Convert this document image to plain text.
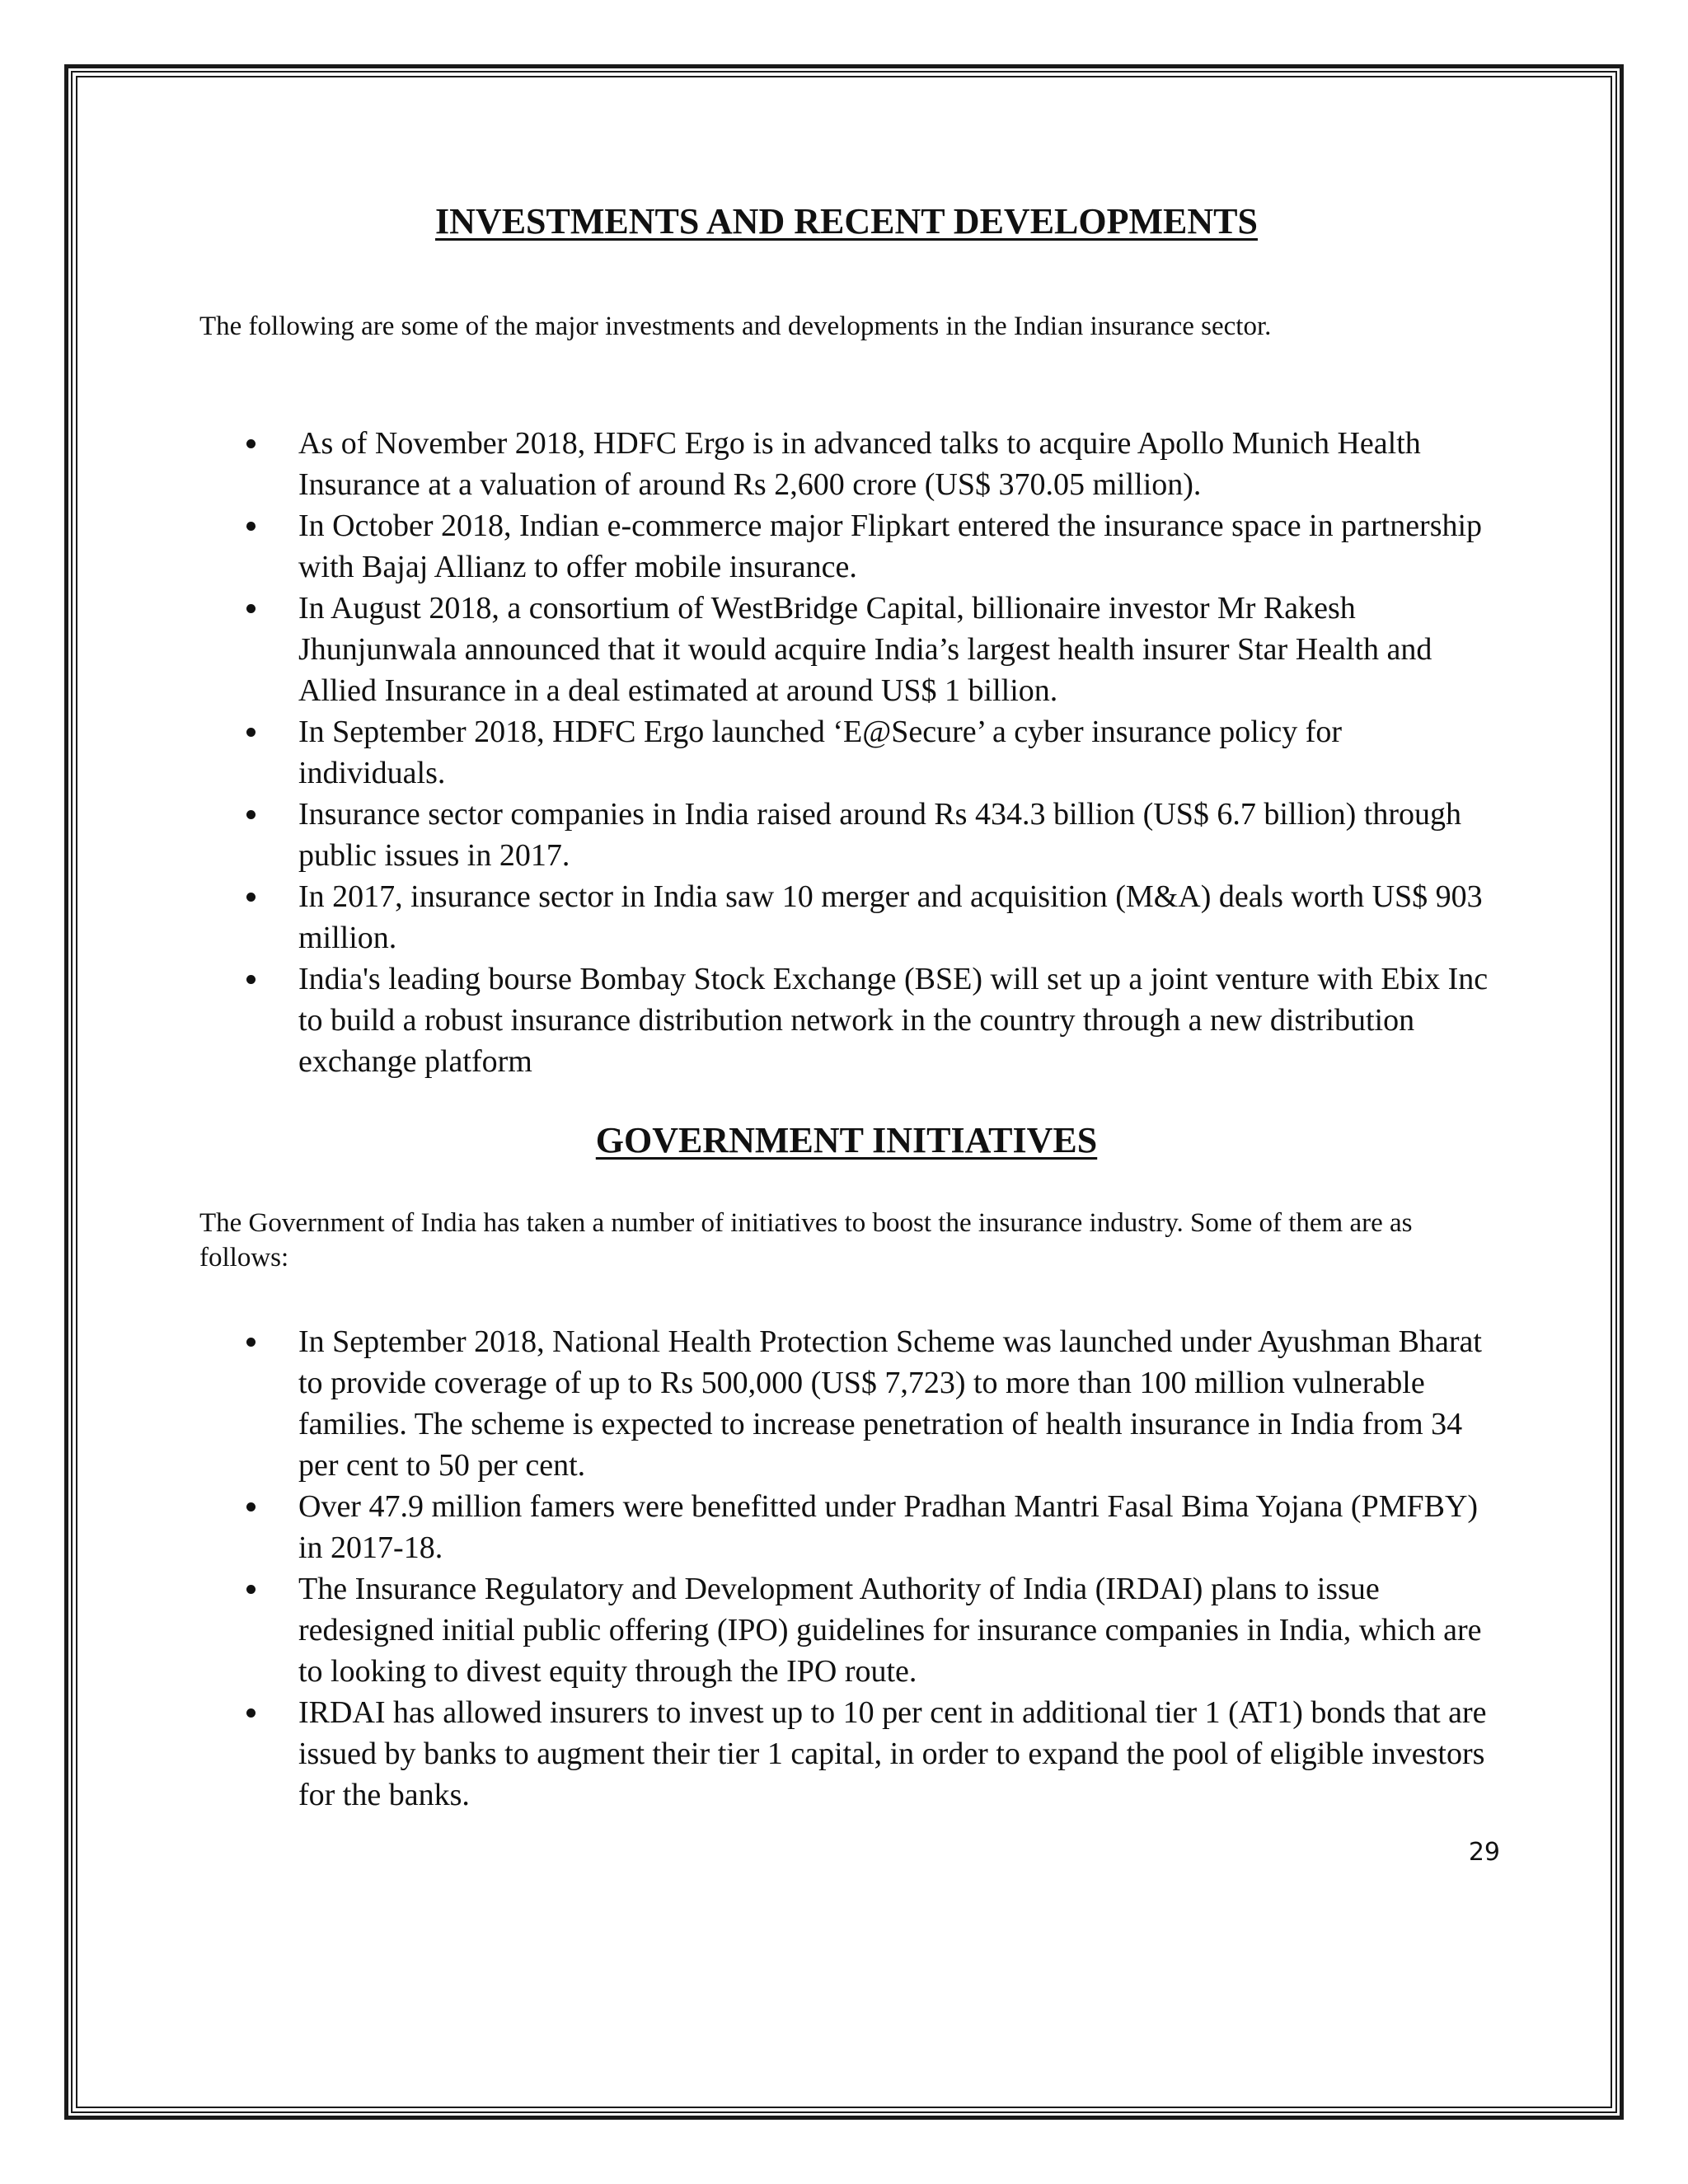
INVESTMENTS AND RECENT DEVELOPMENTS

The following are some of the major investments and developments in the Indian insurance sector.

As of November 2018, HDFC Ergo is in advanced talks to acquire Apollo Munich Health Insurance at a valuation of around Rs 2,600 crore (US$ 370.05 million).
In October 2018, Indian e-commerce major Flipkart entered the insurance space in partnership with Bajaj Allianz to offer mobile insurance.
In August 2018, a consortium of WestBridge Capital, billionaire investor Mr Rakesh Jhunjunwala announced that it would acquire India’s largest health insurer Star Health and Allied Insurance in a deal estimated at around US$ 1 billion.
In September 2018, HDFC Ergo launched ‘E@Secure’ a cyber insurance policy for individuals.
Insurance sector companies in India raised around Rs 434.3 billion (US$ 6.7 billion) through public issues in 2017.
In 2017, insurance sector in India saw 10 merger and acquisition (M&A) deals worth US$ 903 million.
India's leading bourse Bombay Stock Exchange (BSE) will set up a joint venture with Ebix Inc to build a robust insurance distribution network in the country through a new distribution exchange platform
GOVERNMENT INITIATIVES

The Government of India has taken a number of initiatives to boost the insurance industry. Some of them are as follows:

In September 2018, National Health Protection Scheme was launched under Ayushman Bharat to provide coverage of up to Rs 500,000 (US$ 7,723) to more than 100 million vulnerable families. The scheme is expected to increase penetration of health insurance in India from 34 per cent to 50 per cent.
Over 47.9 million famers were benefitted under Pradhan Mantri Fasal Bima Yojana (PMFBY) in 2017-18.
The Insurance Regulatory and Development Authority of India (IRDAI) plans to issue redesigned initial public offering (IPO) guidelines for insurance companies in India, which are to looking to divest equity through the IPO route.
IRDAI has allowed insurers to invest up to 10 per cent in additional tier 1 (AT1) bonds that are issued by banks to augment their tier 1 capital, in order to expand the pool of eligible investors for the banks.
29
